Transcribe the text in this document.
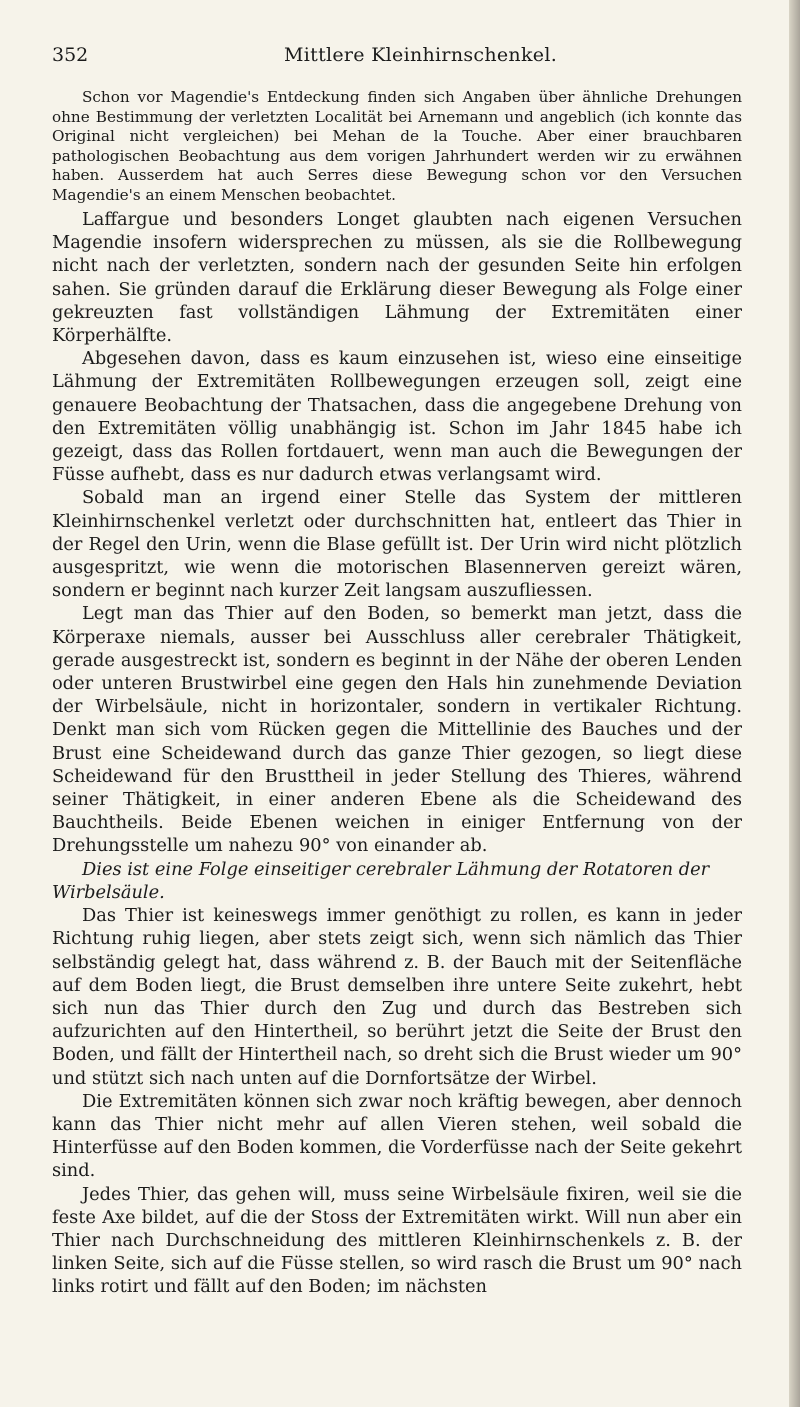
352	Mittlere Kleinhirnschenkel.

Schon vor Magendie's Entdeckung finden sich Angaben über ähnliche Drehungen ohne Bestimmung der verletzten Localität bei Arnemann und angeblich (ich konnte das Original nicht vergleichen) bei Mehan de la Touche. Aber einer brauchbaren pathologischen Beobachtung aus dem vorigen Jahrhundert werden wir zu erwähnen haben. Ausserdem hat auch Serres diese Bewegung schon vor den Versuchen Magendie's an einem Menschen beobachtet.

Laffargue und besonders Longet glaubten nach eigenen Versuchen Magendie insofern widersprechen zu müssen, als sie die Rollbewegung nicht nach der verletzten, sondern nach der gesunden Seite hin erfolgen sahen. Sie gründen darauf die Erklärung dieser Bewegung als Folge einer gekreuzten fast vollständigen Lähmung der Extremitäten einer Körperhälfte.

Abgesehen davon, dass es kaum einzusehen ist, wieso eine einseitige Lähmung der Extremitäten Rollbewegungen erzeugen soll, zeigt eine genauere Beobachtung der Thatsachen, dass die angegebene Drehung von den Extremitäten völlig unabhängig ist. Schon im Jahr 1845 habe ich gezeigt, dass das Rollen fortdauert, wenn man auch die Bewegungen der Füsse aufhebt, dass es nur dadurch etwas verlangsamt wird.

Sobald man an irgend einer Stelle das System der mittleren Kleinhirnschenkel verletzt oder durchschnitten hat, entleert das Thier in der Regel den Urin, wenn die Blase gefüllt ist. Der Urin wird nicht plötzlich ausgespritzt, wie wenn die motorischen Blasennerven gereizt wären, sondern er beginnt nach kurzer Zeit langsam auszufliessen.

Legt man das Thier auf den Boden, so bemerkt man jetzt, dass die Körperaxe niemals, ausser bei Ausschluss aller cerebraler Thätigkeit, gerade ausgestreckt ist, sondern es beginnt in der Nähe der oberen Lenden oder unteren Brustwirbel eine gegen den Hals hin zunehmende Deviation der Wirbelsäule, nicht in horizontaler, sondern in vertikaler Richtung. Denkt man sich vom Rücken gegen die Mittellinie des Bauches und der Brust eine Scheidewand durch das ganze Thier gezogen, so liegt diese Scheidewand für den Brusttheil in jeder Stellung des Thieres, während seiner Thätigkeit, in einer anderen Ebene als die Scheidewand des Bauchtheils. Beide Ebenen weichen in einiger Entfernung von der Drehungsstelle um nahezu 90° von einander ab.

Dies ist eine Folge einseitiger cerebraler Lähmung der Rotatoren der Wirbelsäule.

Das Thier ist keineswegs immer genöthigt zu rollen, es kann in jeder Richtung ruhig liegen, aber stets zeigt sich, wenn sich nämlich das Thier selbständig gelegt hat, dass während z. B. der Bauch mit der Seitenfläche auf dem Boden liegt, die Brust demselben ihre untere Seite zukehrt, hebt sich nun das Thier durch den Zug und durch das Bestreben sich aufzurichten auf den Hintertheil, so berührt jetzt die Seite der Brust den Boden, und fällt der Hintertheil nach, so dreht sich die Brust wieder um 90° und stützt sich nach unten auf die Dornfortsätze der Wirbel.

Die Extremitäten können sich zwar noch kräftig bewegen, aber dennoch kann das Thier nicht mehr auf allen Vieren stehen, weil sobald die Hinterfüsse auf den Boden kommen, die Vorderfüsse nach der Seite gekehrt sind.

Jedes Thier, das gehen will, muss seine Wirbelsäule fixiren, weil sie die feste Axe bildet, auf die der Stoss der Extremitäten wirkt. Will nun aber ein Thier nach Durchschneidung des mittleren Kleinhirnschenkels z. B. der linken Seite, sich auf die Füsse stellen, so wird rasch die Brust um 90° nach links rotirt und fällt auf den Boden; im nächsten
